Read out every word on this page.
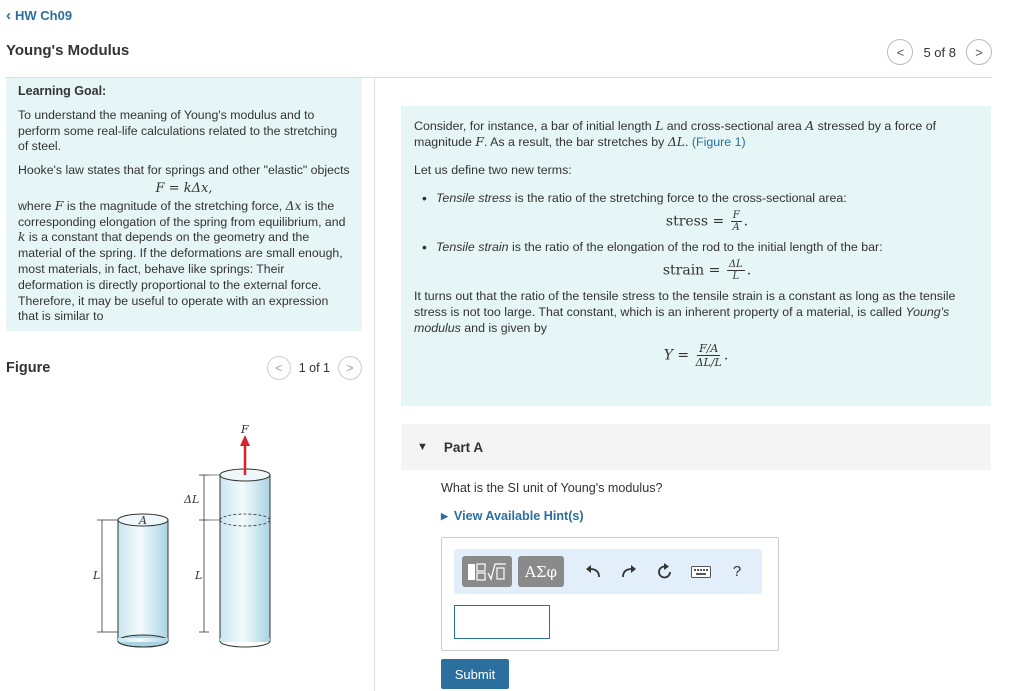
‹ HW Ch09
Young's Modulus	< 5 of 8 >
Learning Goal:

To understand the meaning of Young's modulus and to perform some real-life calculations related to the stretching of steel.

Hooke's law states that for springs and other "elastic" objects

F = kΔx,

where F is the magnitude of the stretching force, Δx is the corresponding elongation of the spring from equilibrium, and k is a constant that depends on the geometry and the material of the spring. If the deformations are small enough, most materials, in fact, behave like springs: Their deformation is directly proportional to the external force. Therefore, it may be useful to operate with an expression that is similar to

Figure	< 1 of 1 >
F
ΔL
A
L	L

Consider, for instance, a bar of initial length L and cross-sectional area A stressed by a force of magnitude F. As a result, the bar stretches by ΔL. (Figure 1)

Let us define two new terms:

• Tensile stress is the ratio of the stretching force to the cross-sectional area:
stress = $\frac{F}{A}$ .
• Tensile strain is the ratio of the elongation of the rod to the initial length of the bar:
strain = $\frac{\Delta L}{L}$ .

It turns out that the ratio of the tensile stress to the tensile strain is a constant as long as the tensile stress is not too large. That constant, which is an inherent property of a material, is called Young's modulus and is given by

$Y = \frac{F/A}{\Delta L/L}$ .
▼ Part A
What is the SI unit of Young's modulus?
▶ View Available Hint(s)
ΑΣφ	?
Submit
